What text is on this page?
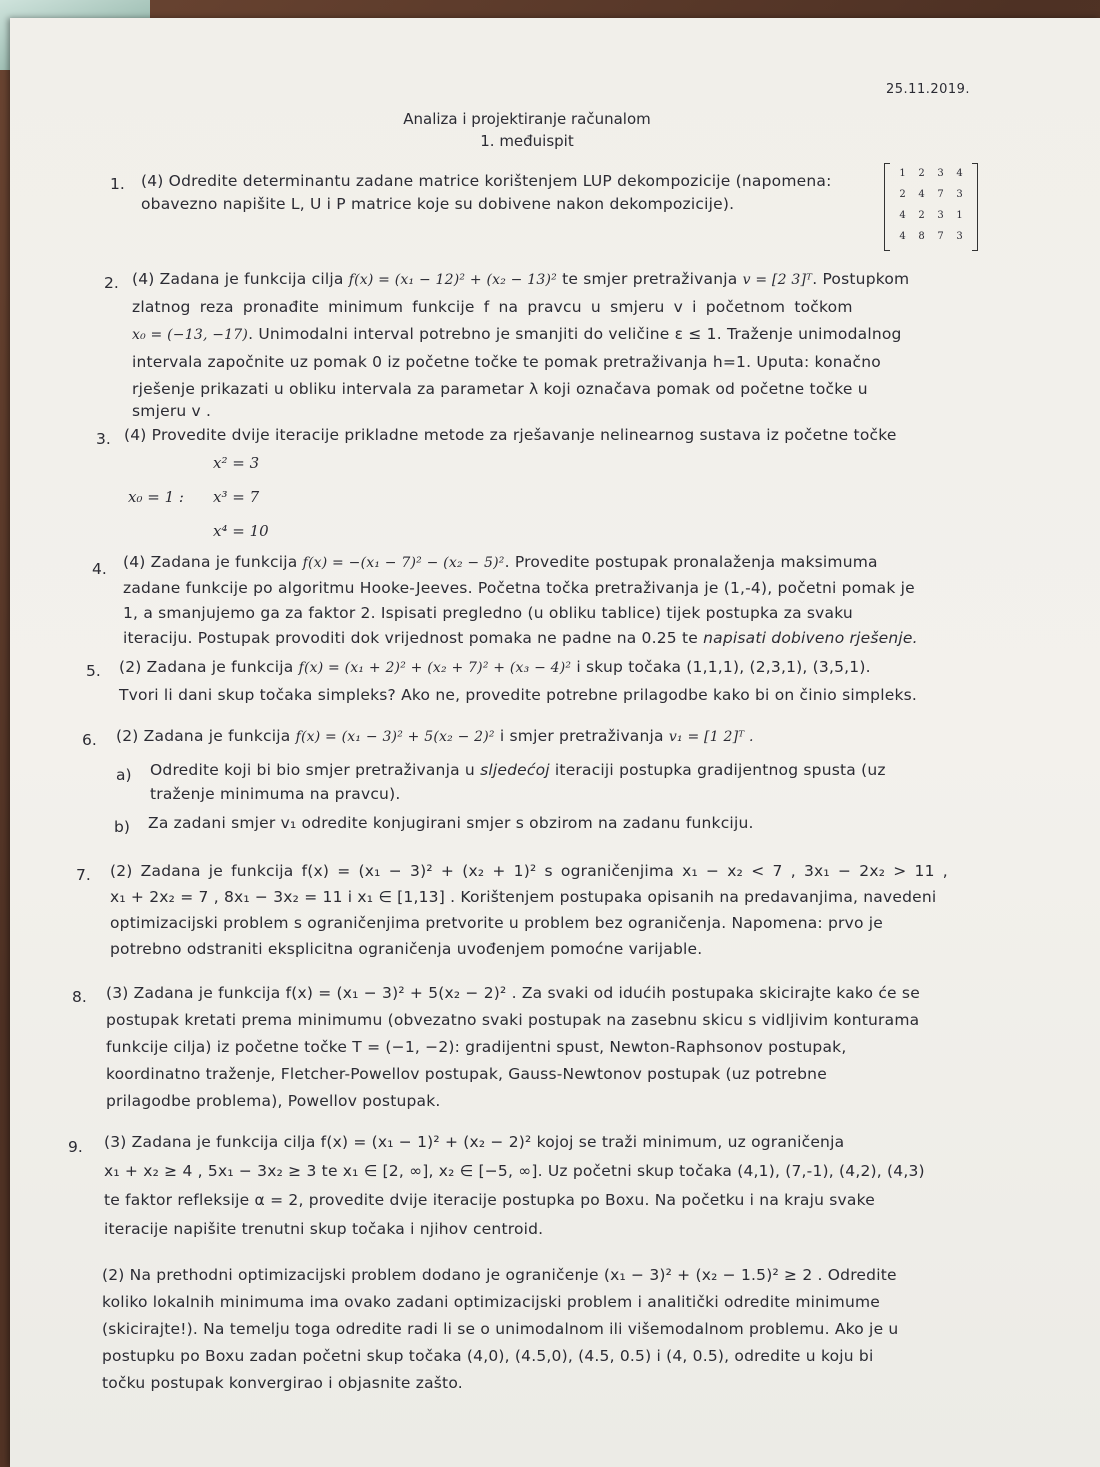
25.11.2019.
Analiza i projektiranje računalom
1. međuispit
1. (4) Odredite determinantu zadane matrice korištenjem LUP dekompozicije (napomena:
obavezno napišite L, U i P matrice koje su dobivene nakon dekompozicije).
1	2	3	4
2	4	7	3
4	2	3	1
4	8	7	3
2. (4) Zadana je funkcija cilja f(x) = (x₁ − 12)² + (x₂ − 13)² te smjer pretraživanja v = [2 3]ᵀ. Postupkom
zlatnog reza pronađite minimum funkcije f na pravcu u smjeru v i početnom točkom
x₀ = (−13, −17). Unimodalni interval potrebno je smanjiti do veličine ε ≤ 1. Traženje unimodalnog
intervala započnite uz pomak 0 iz početne točke te pomak pretraživanja h=1. Uputa: konačno
rješenje prikazati u obliku intervala za parametar λ koji označava pomak od početne točke u
smjeru v .
3. (4) Provedite dvije iteracije prikladne metode za rješavanje nelinearnog sustava iz početne točke
x₀ = 1 :
x² = 3
x³ = 7
x⁴ = 10
4. (4) Zadana je funkcija f(x) = −(x₁ − 7)² − (x₂ − 5)². Provedite postupak pronalaženja maksimuma
zadane funkcije po algoritmu Hooke-Jeeves. Početna točka pretraživanja je (1,-4), početni pomak je
1, a smanjujemo ga za faktor 2. Ispisati pregledno (u obliku tablice) tijek postupka za svaku
iteraciju. Postupak provoditi dok vrijednost pomaka ne padne na 0.25 te napisati dobiveno rješenje.
5. (2) Zadana je funkcija f(x) = (x₁ + 2)² + (x₂ + 7)² + (x₃ − 4)² i skup točaka (1,1,1), (2,3,1), (3,5,1).
Tvori li dani skup točaka simpleks? Ako ne, provedite potrebne prilagodbe kako bi on činio simpleks.
6. (2) Zadana je funkcija f(x) = (x₁ − 3)² + 5(x₂ − 2)² i smjer pretraživanja v₁ = [1 2]ᵀ .
a) Odredite koji bi bio smjer pretraživanja u sljedećoj iteraciji postupka gradijentnog spusta (uz
traženje minimuma na pravcu).
b) Za zadani smjer v₁ odredite konjugirani smjer s obzirom na zadanu funkciju.
7. (2) Zadana je funkcija f(x) = (x₁ − 3)² + (x₂ + 1)² s ograničenjima x₁ − x₂ < 7 , 3x₁ − 2x₂ > 11 ,
x₁ + 2x₂ = 7 , 8x₁ − 3x₂ = 11 i x₁ ∈ [1,13] . Korištenjem postupaka opisanih na predavanjima, navedeni
optimizacijski problem s ograničenjima pretvorite u problem bez ograničenja. Napomena: prvo je
potrebno odstraniti eksplicitna ograničenja uvođenjem pomoćne varijable.
8. (3) Zadana je funkcija f(x) = (x₁ − 3)² + 5(x₂ − 2)² . Za svaki od idućih postupaka skicirajte kako će se
postupak kretati prema minimumu (obvezatno svaki postupak na zasebnu skicu s vidljivim konturama
funkcije cilja) iz početne točke T = (−1, −2): gradijentni spust, Newton-Raphsonov postupak,
koordinatno traženje, Fletcher-Powellov postupak, Gauss-Newtonov postupak (uz potrebne
prilagodbe problema), Powellov postupak.
9. (3) Zadana je funkcija cilja f(x) = (x₁ − 1)² + (x₂ − 2)² kojoj se traži minimum, uz ograničenja
x₁ + x₂ ≥ 4 , 5x₁ − 3x₂ ≥ 3 te x₁ ∈ [2, ∞], x₂ ∈ [−5, ∞]. Uz početni skup točaka (4,1), (7,-1), (4,2), (4,3)
te faktor refleksije α = 2, provedite dvije iteracije postupka po Boxu. Na početku i na kraju svake
iteracije napišite trenutni skup točaka i njihov centroid.
(2) Na prethodni optimizacijski problem dodano je ograničenje (x₁ − 3)² + (x₂ − 1.5)² ≥ 2 . Odredite
koliko lokalnih minimuma ima ovako zadani optimizacijski problem i analitički odredite minimume
(skicirajte!). Na temelju toga odredite radi li se o unimodalnom ili višemodalnom problemu. Ako je u
postupku po Boxu zadan početni skup točaka (4,0), (4.5,0), (4.5, 0.5) i (4, 0.5), odredite u koju bi
točku postupak konvergirao i objasnite zašto.
